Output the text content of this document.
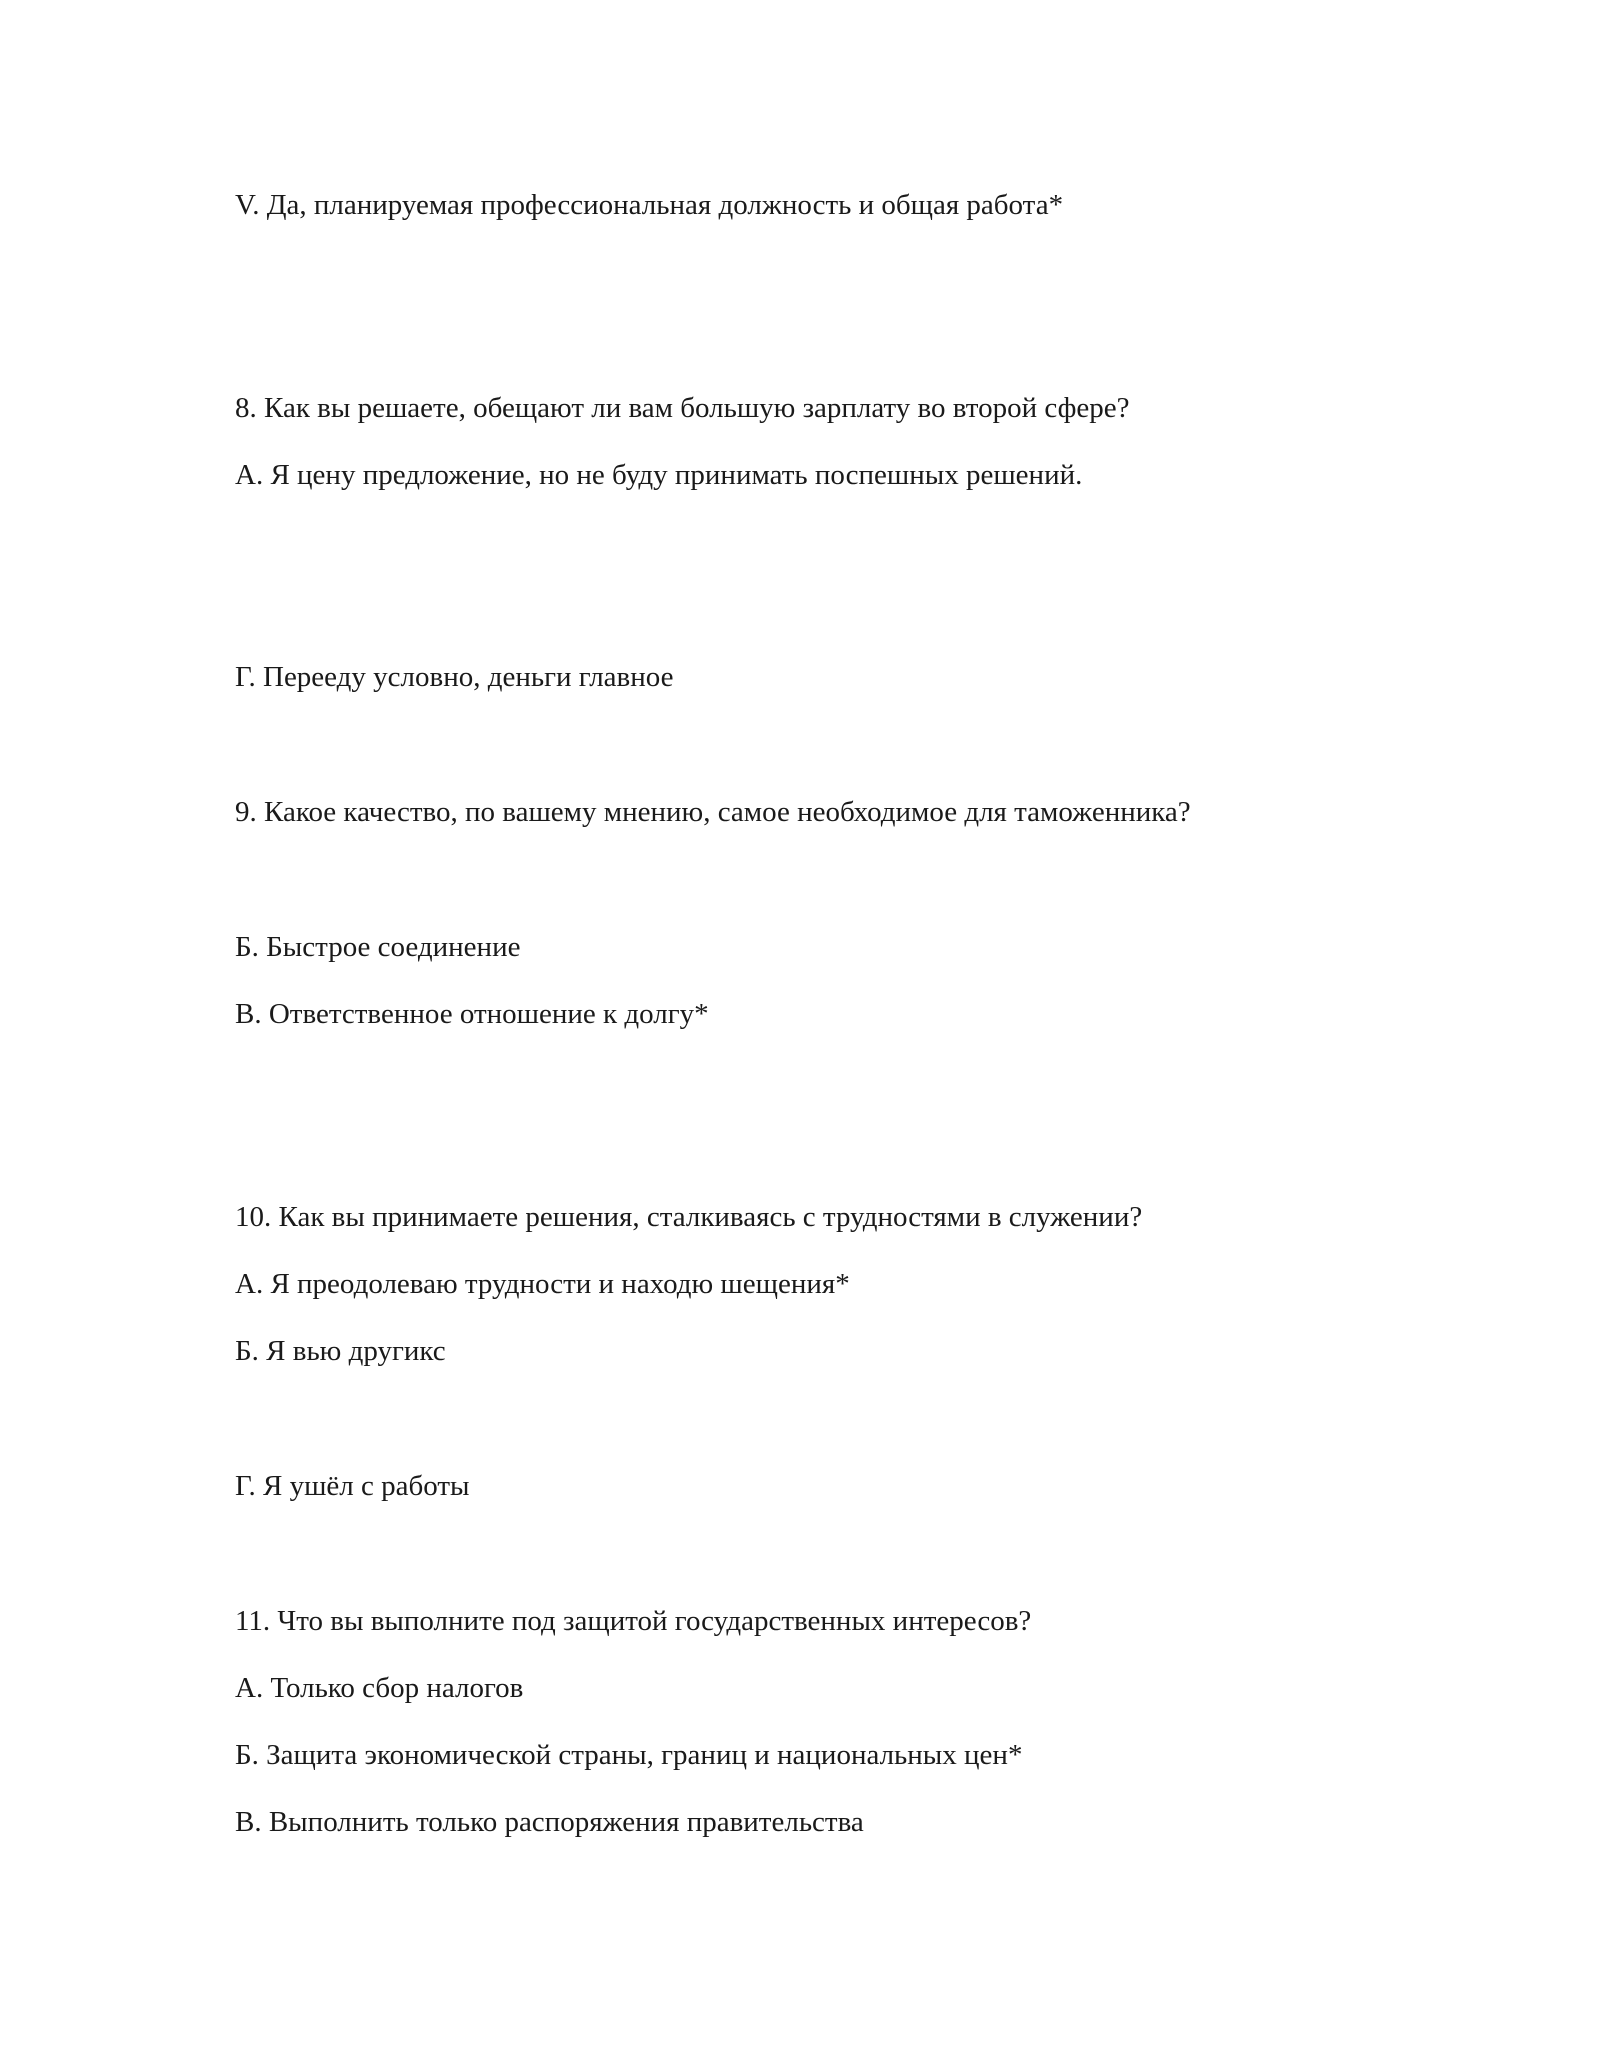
V. Да, планируемая профессиональная должность и общая работа*

8. Как вы решаете, обещают ли вам большую зарплату во второй сфере?

А. Я цену предложение, но не буду принимать поспешных решений.

Г. Перееду условно, деньги главное

9. Какое качество, по вашему мнению, самое необходимое для таможенника?

Б. Быстрое соединение

В. Ответственное отношение к долгу*

10. Как вы принимаете решения, сталкиваясь с трудностями в служении?

А. Я преодолеваю трудности и находю шещения*

Б. Я вью другикс

Г. Я ушёл с работы

11. Что вы выполните под защитой государственных интересов?

А. Только сбор налогов

Б. Защита экономической страны, границ и национальных цен*

В. Выполнить только распоряжения правительства
